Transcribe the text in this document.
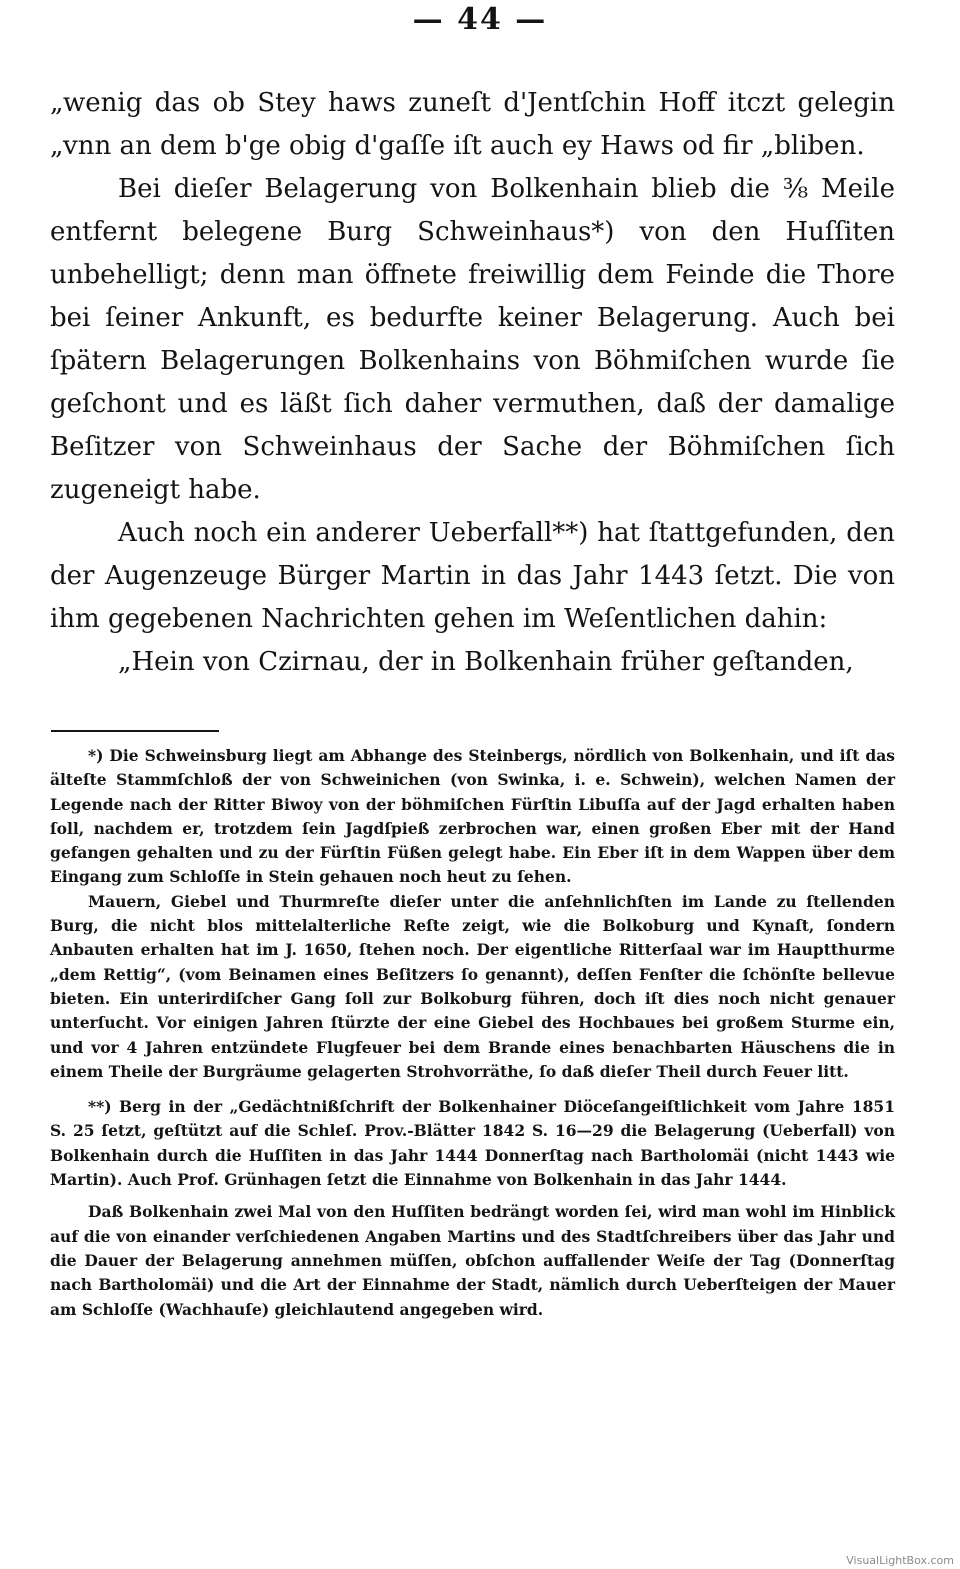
— 44 —

„wenig das ob Stey haws zuneſt d'Jentſchin Hoff itczt gelegin „vnn an dem b'ge obig d'gaſſe iſt auch ey Haws od fir „bliben.

Bei dieſer Belagerung von Bolkenhain blieb die ⅜ Meile entfernt belegene Burg Schweinhaus*) von den Huſſiten unbehelligt; denn man öffnete freiwillig dem Feinde die Thore bei ſeiner Ankunft, es bedurfte keiner Belagerung. Auch bei ſpätern Belagerungen Bolkenhains von Böhmiſchen wurde ſie geſchont und es läßt ſich daher vermuthen, daß der damalige Beſitzer von Schweinhaus der Sache der Böhmiſchen ſich zugeneigt habe.

Auch noch ein anderer Ueberfall**) hat ſtattgefunden, den der Augenzeuge Bürger Martin in das Jahr 1443 ſetzt. Die von ihm gegebenen Nachrichten gehen im Weſentlichen dahin:

„Hein von Czirnau, der in Bolkenhain früher geſtanden,

*) Die Schweinsburg liegt am Abhange des Steinbergs, nördlich von Bolkenhain, und iſt das älteſte Stammſchloß der von Schweinichen (von Swinka, i. e. Schwein), welchen Namen der Legende nach der Ritter Biwoy von der böhmiſchen Fürſtin Libuſſa auf der Jagd erhalten haben ſoll, nachdem er, trotzdem ſein Jagdſpieß zerbrochen war, einen großen Eber mit der Hand gefangen gehalten und zu der Fürſtin Füßen gelegt habe. Ein Eber iſt in dem Wappen über dem Eingang zum Schloſſe in Stein gehauen noch heut zu ſehen.

Mauern, Giebel und Thurmreſte dieſer unter die anſehnlichſten im Lande zu ſtellenden Burg, die nicht blos mittelalterliche Reſte zeigt, wie die Bolkoburg und Kynaſt, ſondern Anbauten erhalten hat im J. 1650, ſtehen noch. Der eigentliche Ritterſaal war im Hauptthurme „dem Rettig“, (vom Beinamen eines Beſitzers ſo genannt), deſſen Fenſter die ſchönſte bellevue bieten. Ein unterirdiſcher Gang ſoll zur Bolkoburg führen, doch iſt dies noch nicht genauer unterſucht. Vor einigen Jahren ſtürzte der eine Giebel des Hochbaues bei großem Sturme ein, und vor 4 Jahren entzündete Flugfeuer bei dem Brande eines benachbarten Häuschens die in einem Theile der Burgräume gelagerten Strohvorräthe, ſo daß dieſer Theil durch Feuer litt.

**) Berg in der „Gedächtnißſchrift der Bolkenhainer Diöceſangeiſtlichkeit vom Jahre 1851 S. 25 ſetzt, geſtützt auf die Schleſ. Prov.-Blätter 1842 S. 16—29 die Belagerung (Ueberfall) von Bolkenhain durch die Huſſiten in das Jahr 1444 Donnerſtag nach Bartholomäi (nicht 1443 wie Martin). Auch Prof. Grünhagen ſetzt die Einnahme von Bolkenhain in das Jahr 1444.

Daß Bolkenhain zwei Mal von den Huſſiten bedrängt worden ſei, wird man wohl im Hinblick auf die von einander verſchiedenen Angaben Martins und des Stadtſchreibers über das Jahr und die Dauer der Belagerung annehmen müſſen, obſchon auffallender Weiſe der Tag (Donnerſtag nach Bartholomäi) und die Art der Einnahme der Stadt, nämlich durch Ueberſteigen der Mauer am Schloſſe (Wachhauſe) gleichlautend angegeben wird.

VisualLightBox.com
